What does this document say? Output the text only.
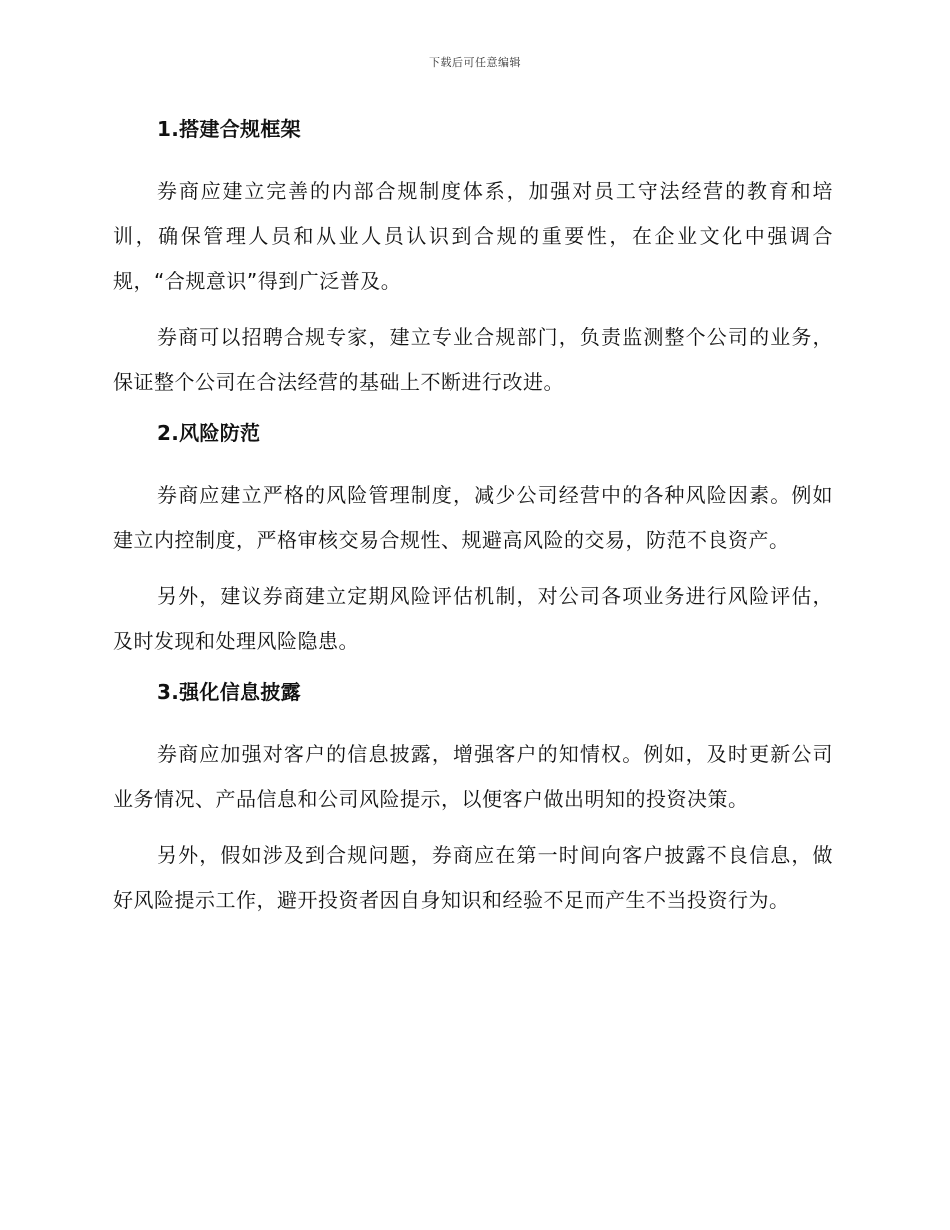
下载后可任意编辑
1.搭建合规框架

券商应建立完善的内部合规制度体系，加强对员工守法经营的教育和培训，确保管理人员和从业人员认识到合规的重要性，在企业文化中强调合规，“合规意识”得到广泛普及。

券商可以招聘合规专家，建立专业合规部门，负责监测整个公司的业务，保证整个公司在合法经营的基础上不断进行改进。

2.风险防范

券商应建立严格的风险管理制度，减少公司经营中的各种风险因素。例如建立内控制度，严格审核交易合规性、规避高风险的交易，防范不良资产。

另外，建议券商建立定期风险评估机制，对公司各项业务进行风险评估，及时发现和处理风险隐患。

3.强化信息披露

券商应加强对客户的信息披露，增强客户的知情权。例如，及时更新公司业务情况、产品信息和公司风险提示，以便客户做出明知的投资决策。

另外，假如涉及到合规问题，券商应在第一时间向客户披露不良信息，做好风险提示工作，避开投资者因自身知识和经验不足而产生不当投资行为。
